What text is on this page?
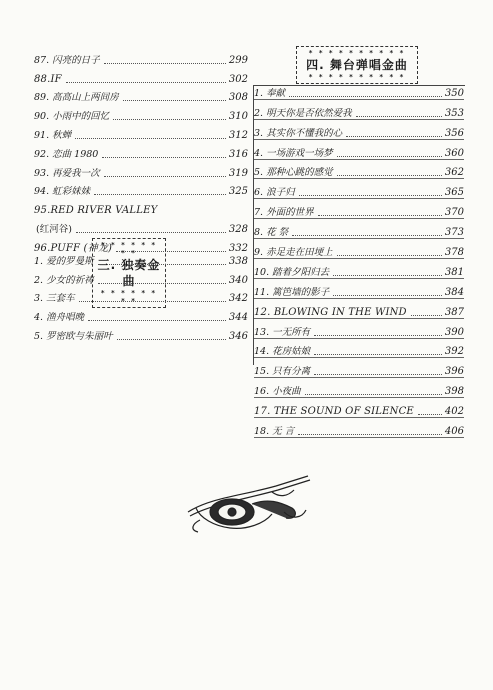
87. 闪亮的日子	299
88.IF	302
89. 高高山上两间房	308
90. 小雨中的回忆	310
91. 秋蝉	312
92. 恋曲 1980	316
93. 再爱我一次	319
94. 虹彩妹妹	325
95.RED RIVER VALLEY
(红河谷)	328
96.PUFF (神龙)	332
* * * * * * * *
三. 独奏金曲
* * * * * * * *
1. 爱的罗曼斯	338
2. 少女的祈祷	340
3. 三套车	342
4. 渔舟唱晚	344
5. 罗密欧与朱丽叶	346
* * * * * * * * * *
四. 舞台弹唱金曲
* * * * * * * * * *
1. 奉献	350
2. 明天你是否依然爱我	353
3. 其实你不懂我的心	356
4. 一场游戏一场梦	360
5. 那种心跳的感觉	362
6. 浪子归	365
7. 外面的世界	370
8. 花 祭	373
9. 赤足走在田埂上	378
10. 踏着夕阳归去	381
11. 篱笆墙的影子	384
12. BLOWING IN THE WIND	387
13. 一无所有	390
14. 花房姑娘	392
15. 只有分离	396
16. 小夜曲	398
17. THE SOUND OF SILENCE	402
18. 无 言	406
